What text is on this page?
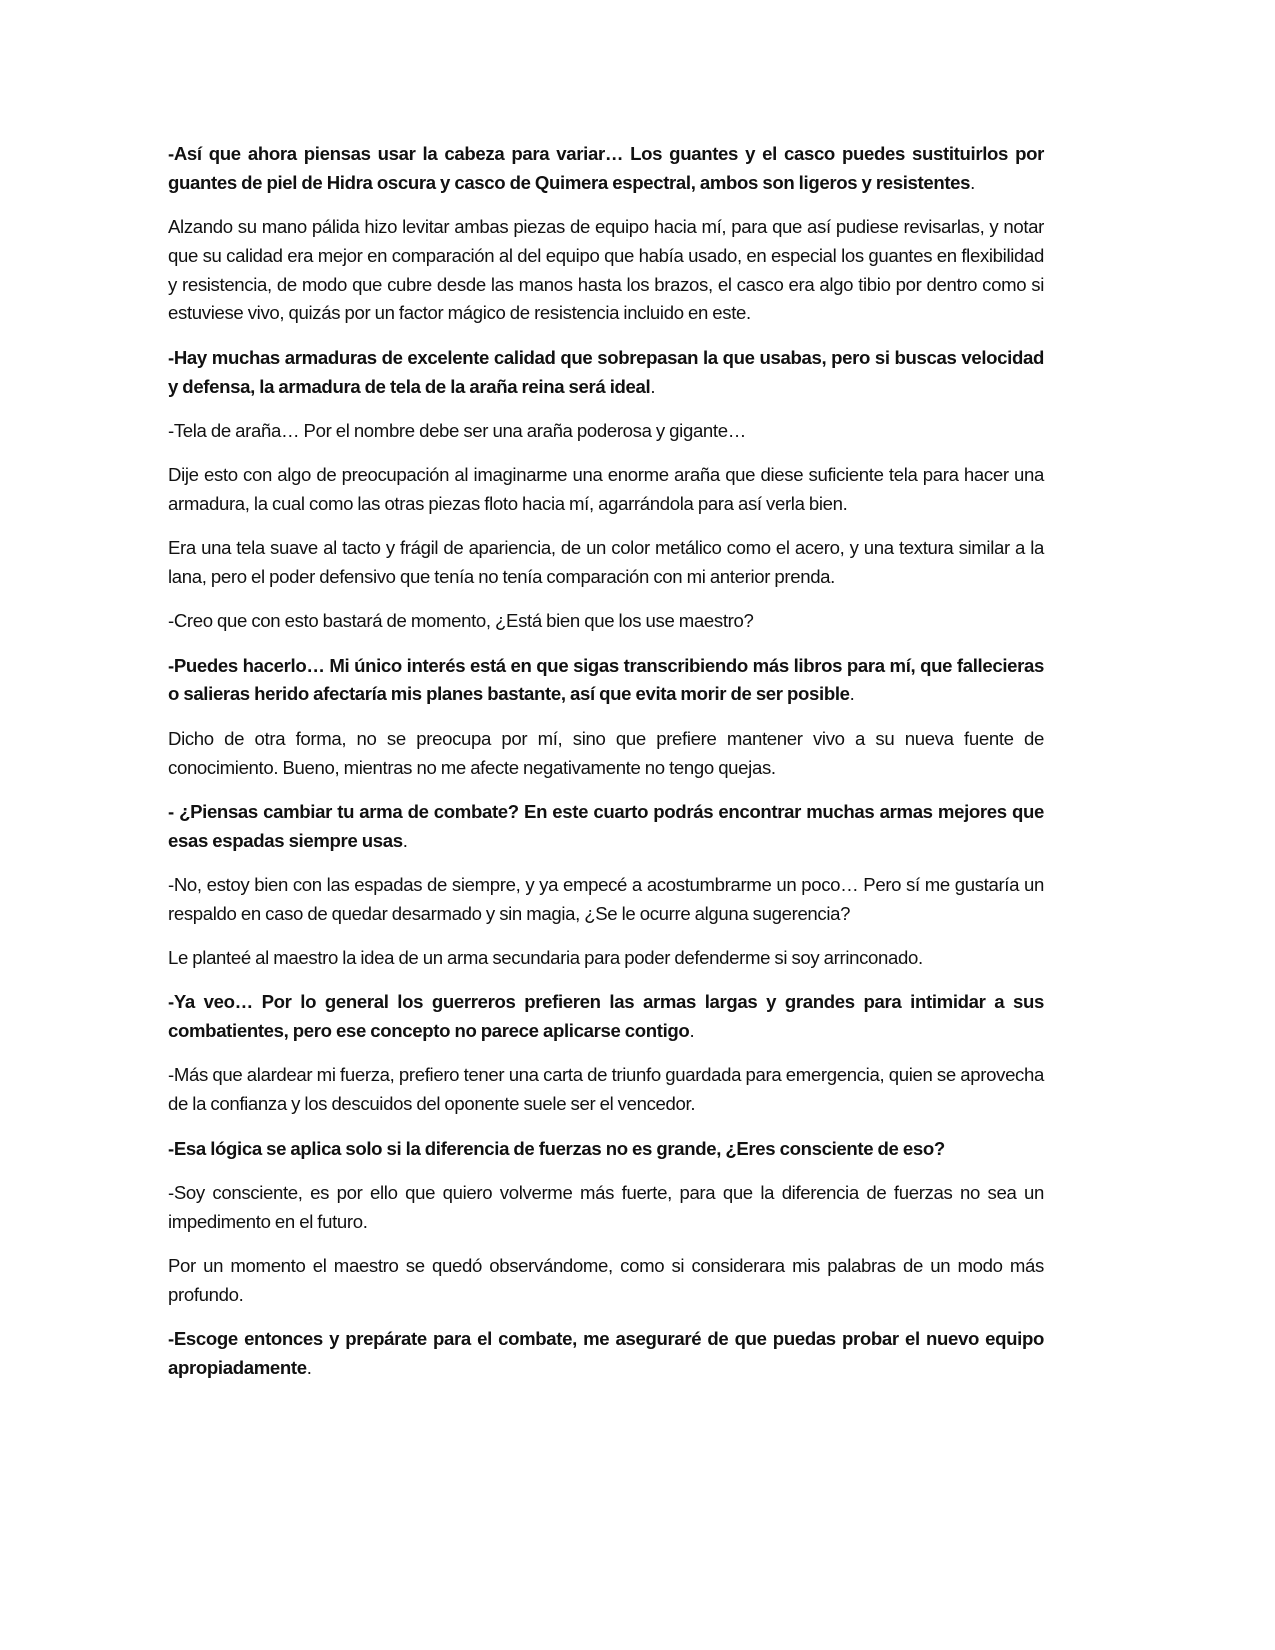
-Así que ahora piensas usar la cabeza para variar… Los guantes y el casco puedes sustituirlos por guantes de piel de Hidra oscura y casco de Quimera espectral, ambos son ligeros y resistentes.

Alzando su mano pálida hizo levitar ambas piezas de equipo hacia mí, para que así pudiese revisarlas, y notar que su calidad era mejor en comparación al del equipo que había usado, en especial los guantes en flexibilidad y resistencia, de modo que cubre desde las manos hasta los brazos, el casco era algo tibio por dentro como si estuviese vivo, quizás por un factor mágico de resistencia incluido en este.

-Hay muchas armaduras de excelente calidad que sobrepasan la que usabas, pero si buscas velocidad y defensa, la armadura de tela de la araña reina será ideal.

-Tela de araña… Por el nombre debe ser una araña poderosa y gigante…

Dije esto con algo de preocupación al imaginarme una enorme araña que diese suficiente tela para hacer una armadura, la cual como las otras piezas floto hacia mí, agarrándola para así verla bien.

Era una tela suave al tacto y frágil de apariencia, de un color metálico como el acero, y una textura similar a la lana, pero el poder defensivo que tenía no tenía comparación con mi anterior prenda.

-Creo que con esto bastará de momento, ¿Está bien que los use maestro?

-Puedes hacerlo… Mi único interés está en que sigas transcribiendo más libros para mí, que fallecieras o salieras herido afectaría mis planes bastante, así que evita morir de ser posible.

Dicho de otra forma, no se preocupa por mí, sino que prefiere mantener vivo a su nueva fuente de conocimiento. Bueno, mientras no me afecte negativamente no tengo quejas.

- ¿Piensas cambiar tu arma de combate? En este cuarto podrás encontrar muchas armas mejores que esas espadas siempre usas.

-No, estoy bien con las espadas de siempre, y ya empecé a acostumbrarme un poco… Pero sí me gustaría un respaldo en caso de quedar desarmado y sin magia, ¿Se le ocurre alguna sugerencia?

Le planteé al maestro la idea de un arma secundaria para poder defenderme si soy arrinconado.

-Ya veo… Por lo general los guerreros prefieren las armas largas y grandes para intimidar a sus combatientes, pero ese concepto no parece aplicarse contigo.

-Más que alardear mi fuerza, prefiero tener una carta de triunfo guardada para emergencia, quien se aprovecha de la confianza y los descuidos del oponente suele ser el vencedor.

-Esa lógica se aplica solo si la diferencia de fuerzas no es grande, ¿Eres consciente de eso?

-Soy consciente, es por ello que quiero volverme más fuerte, para que la diferencia de fuerzas no sea un impedimento en el futuro.

Por un momento el maestro se quedó observándome, como si considerara mis palabras de un modo más profundo.

-Escoge entonces y prepárate para el combate, me aseguraré de que puedas probar el nuevo equipo apropiadamente.
